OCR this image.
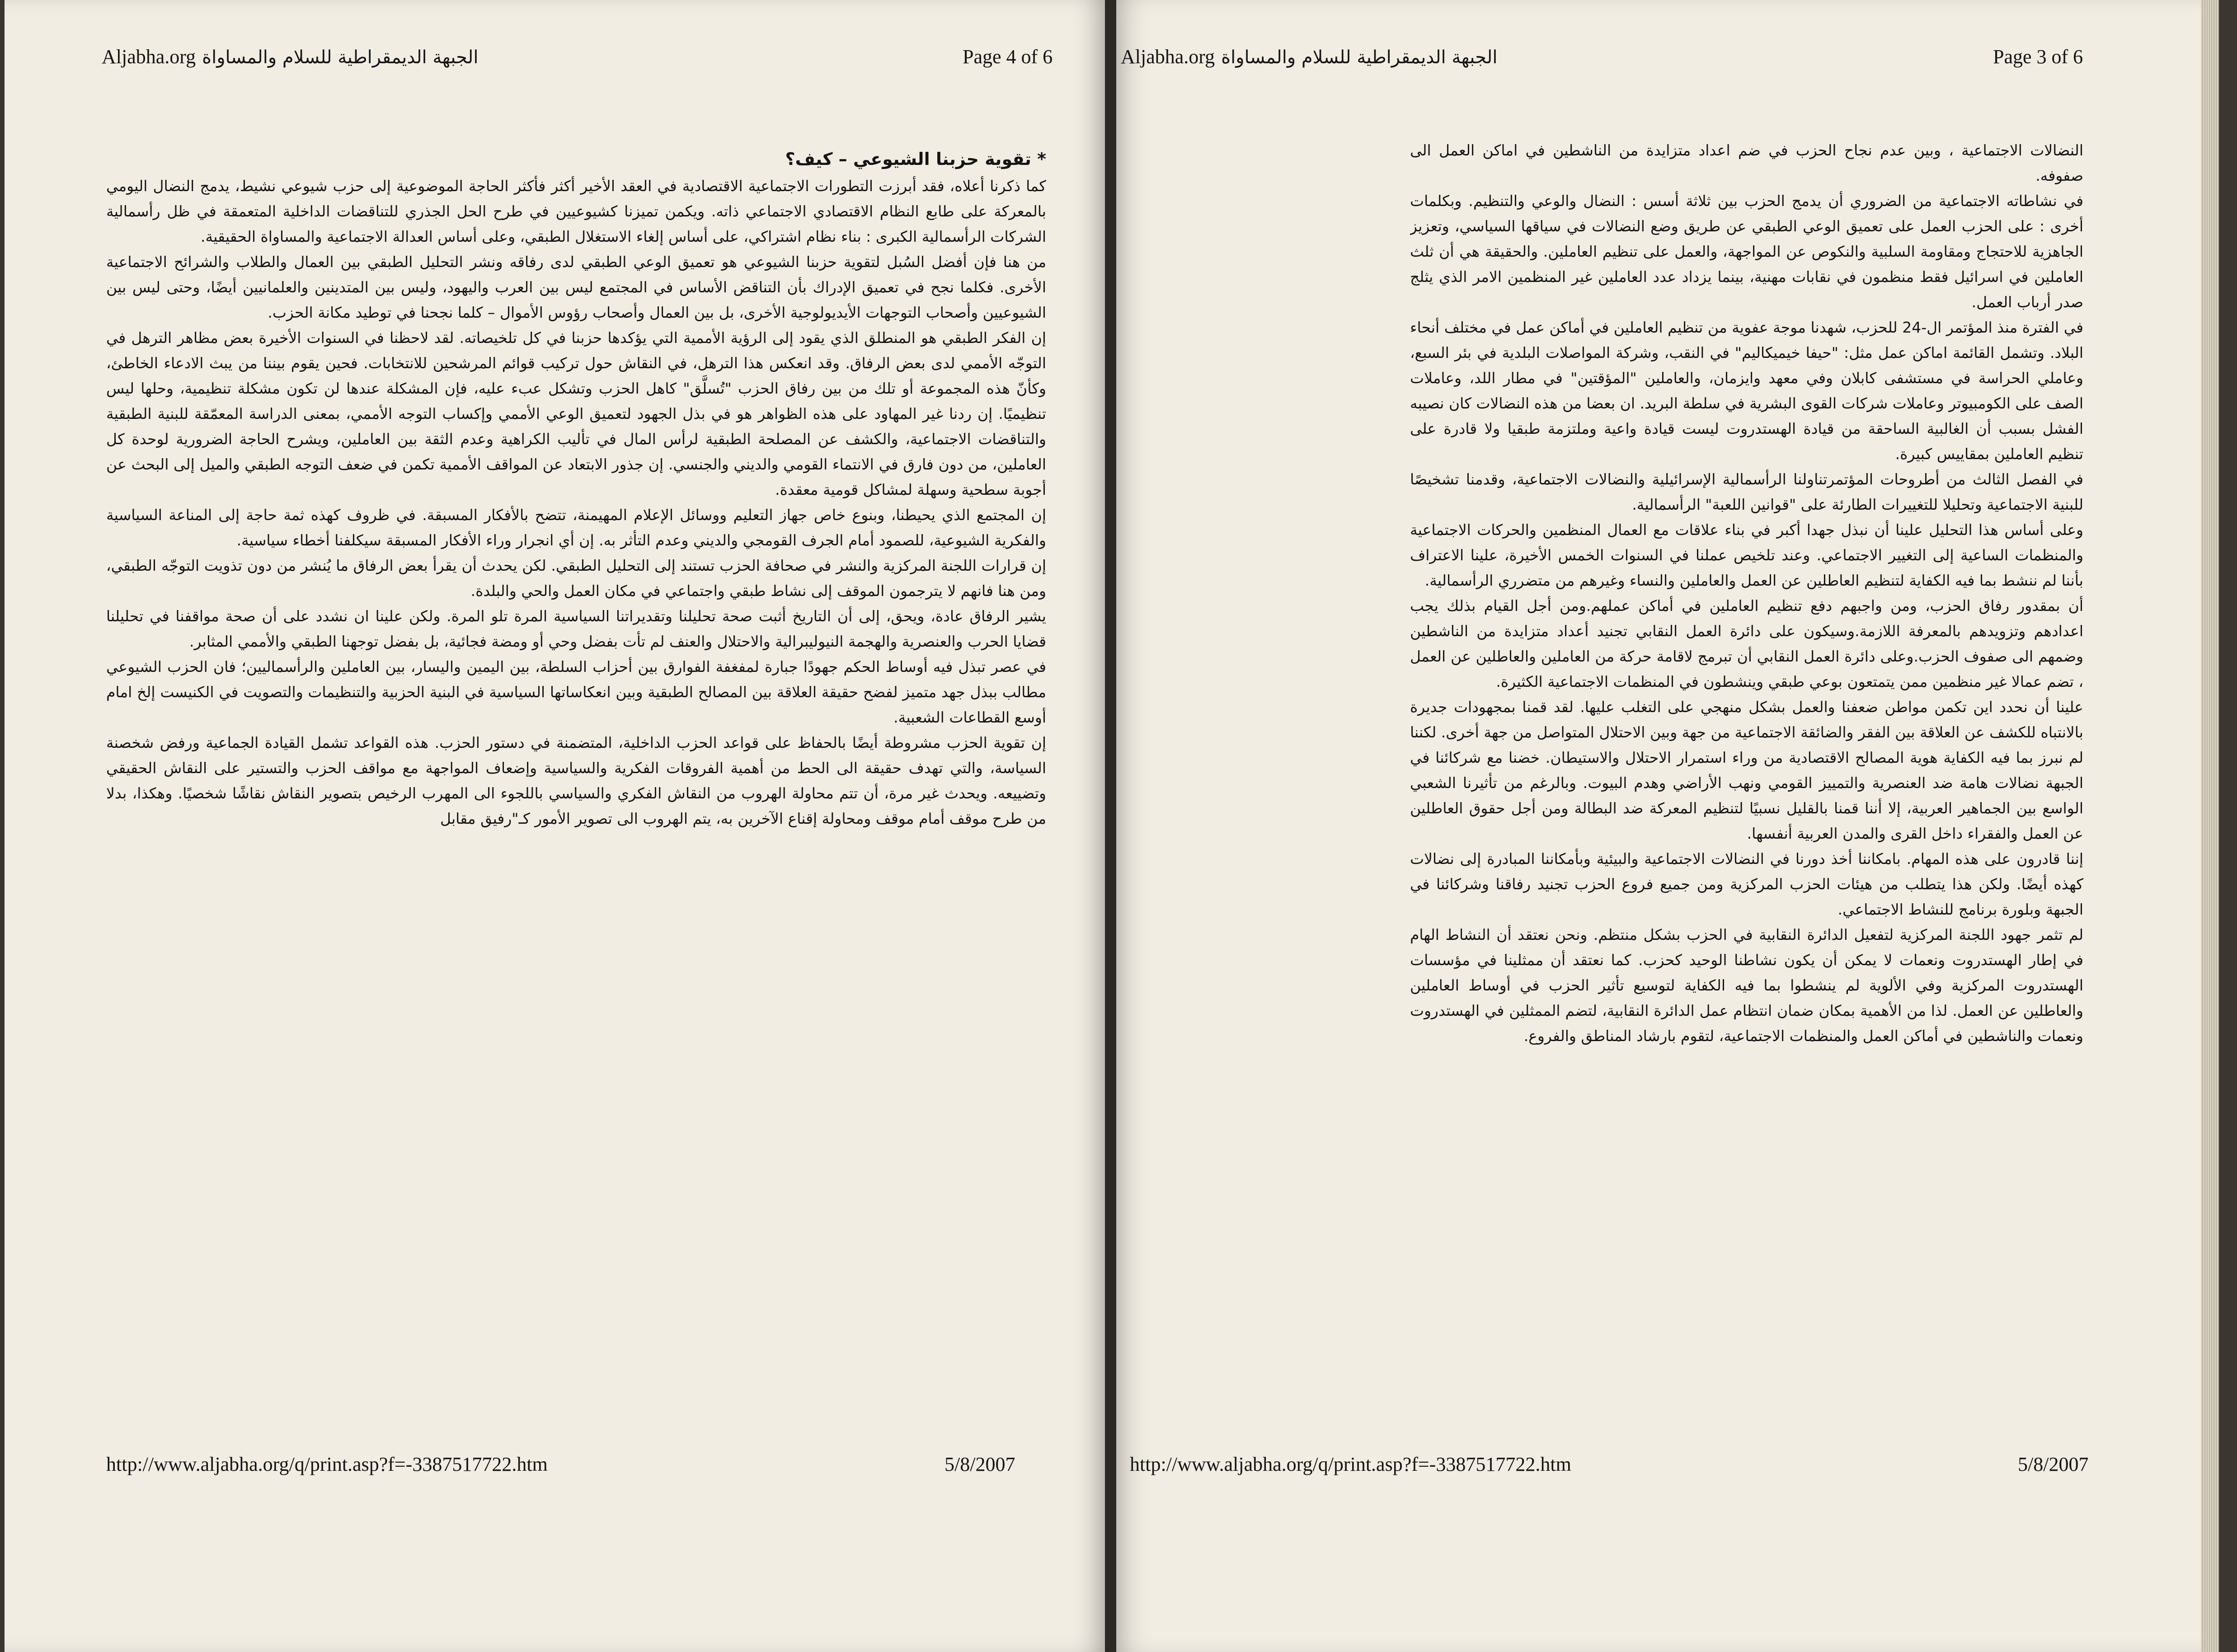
Aljabha.org الجبهة الديمقراطية للسلام والمساواة	Page 4 of 6

* تقوية حزبنا الشيوعي – كيف؟

كما ذكرنا أعلاه، فقد أبرزت التطورات الاجتماعية الاقتصادية في العقد الأخير أكثر فأكثر الحاجة الموضوعية إلى حزب شيوعي نشيط، يدمج النضال اليومي بالمعركة على طابع النظام الاقتصادي الاجتماعي ذاته. ويكمن تميزنا كشيوعيين في طرح الحل الجذري للتناقضات الداخلية المتعمقة في ظل رأسمالية الشركات الرأسمالية الكبرى : بناء نظام اشتراكي، على أساس إلغاء الاستغلال الطبقي، وعلى أساس العدالة الاجتماعية والمساواة الحقيقية.

من هنا فإن أفضل السُبل لتقوية حزبنا الشيوعي هو تعميق الوعي الطبقي لدى رفاقه ونشر التحليل الطبقي بين العمال والطلاب والشرائح الاجتماعية الأخرى. فكلما نجح في تعميق الإدراك بأن التناقض الأساس في المجتمع ليس بين العرب واليهود، وليس بين المتدينين والعلمانيين أيضًا، وحتى ليس بين الشيوعيين وأصحاب التوجهات الأيديولوجية الأخرى، بل بين العمال وأصحاب رؤوس الأموال – كلما نجحنا في توطيد مكانة الحزب.

إن الفكر الطبقي هو المنطلق الذي يقود إلى الرؤية الأممية التي يؤكدها حزبنا في كل تلخيصاته. لقد لاحظنا في السنوات الأخيرة بعض مظاهر الترهل في التوجّه الأممي لدى بعض الرفاق. وقد انعكس هذا الترهل، في النقاش حول تركيب قوائم المرشحين للانتخابات. فحين يقوم بيننا من يبث الادعاء الخاطئ، وكأنّ هذه المجموعة أو تلك من بين رفاق الحزب "تُسلَّق" كاهل الحزب وتشكل عبء عليه، فإن المشكلة عندها لن تكون مشكلة تنظيمية، وحلها ليس تنظيميًا. إن ردنا غير المهاود على هذه الظواهر هو في بذل الجهود لتعميق الوعي الأممي وإكساب التوجه الأممي، بمعنى الدراسة المعمّقة للبنية الطبقية والتناقضات الاجتماعية، والكشف عن المصلحة الطبقية لرأس المال في تأليب الكراهية وعدم الثقة بين العاملين، ويشرح الحاجة الضرورية لوحدة كل العاملين، من دون فارق في الانتماء القومي والديني والجنسي. إن جذور الابتعاد عن المواقف الأممية تكمن في ضعف التوجه الطبقي والميل إلى البحث عن أجوبة سطحية وسهلة لمشاكل قومية معقدة.

إن المجتمع الذي يحيطنا، وبنوع خاص جهاز التعليم ووسائل الإعلام المهيمنة، تتضح بالأفكار المسبقة. في ظروف كهذه ثمة حاجة إلى المناعة السياسية والفكرية الشيوعية، للصمود أمام الجرف القومجي والديني وعدم التأثر به. إن أي انجرار وراء الأفكار المسبقة سيكلفنا أخطاء سياسية.

إن قرارات اللجنة المركزية والنشر في صحافة الحزب تستند إلى التحليل الطبقي. لكن يحدث أن يقرأ بعض الرفاق ما يُنشر من دون تذويت التوجّه الطبقي، ومن هنا فانهم لا يترجمون الموقف إلى نشاط طبقي واجتماعي في مكان العمل والحي والبلدة.

يشير الرفاق عادة، ويحق، إلى أن التاريخ أثبت صحة تحليلنا وتقديراتنا السياسية المرة تلو المرة. ولكن علينا ان نشدد على أن صحة مواقفنا في تحليلنا قضايا الحرب والعنصرية والهجمة النيوليبرالية والاحتلال والعنف لم تأت بفضل وحي أو ومضة فجائية، بل بفضل توجهنا الطبقي والأممي المثابر.

في عصر تبذل فيه أوساط الحكم جهودًا جبارة لمفغفة الفوارق بين أحزاب السلطة، بين اليمين واليسار، بين العاملين والرأسماليين؛ فان الحزب الشيوعي مطالب ببذل جهد متميز لفضح حقيقة العلاقة بين المصالح الطبقية وبين انعكاساتها السياسية في البنية الحزبية والتنظيمات والتصويت في الكنيست إلخ امام أوسع القطاعات الشعبية.

إن تقوية الحزب مشروطة أيضًا بالحفاظ على قواعد الحزب الداخلية، المتضمنة في دستور الحزب. هذه القواعد تشمل القيادة الجماعية ورفض شخصنة السياسة، والتي تهدف حقيقة الى الحط من أهمية الفروقات الفكرية والسياسية وإضعاف المواجهة مع مواقف الحزب والتستير على النقاش الحقيقي وتضييعه. ويحدث غير مرة، أن تتم محاولة الهروب من النقاش الفكري والسياسي باللجوء الى المهرب الرخيص بتصوير النقاش نقاشًا شخصيًا. وهكذا، بدلا من طرح موقف أمام موقف ومحاولة إقناع الآخرين به، يتم الهروب الى تصوير الأمور كـ"رفيق مقابل

http://www.aljabha.org/q/print.asp?f=-3387517722.htm	5/8/2007
Aljabha.org الجبهة الديمقراطية للسلام والمساواة	Page 3 of 6

النضالات الاجتماعية ، وبين عدم نجاح الحزب في ضم اعداد متزايدة من الناشطين في اماكن العمل الى صفوفه.

في نشاطاته الاجتماعية من الضروري أن يدمج الحزب بين ثلاثة أسس : النضال والوعي والتنظيم. وبكلمات أخرى : على الحزب العمل على تعميق الوعي الطبقي عن طريق وضع النضالات في سياقها السياسي، وتعزيز الجاهزية للاحتجاج ومقاومة السلبية والنكوص عن المواجهة، والعمل على تنظيم العاملين. والحقيقة هي أن ثلث العاملين في اسرائيل فقط منظمون في نقابات مهنية، بينما يزداد عدد العاملين غير المنظمين الامر الذي يثلج صدر أرباب العمل.

في الفترة منذ المؤتمر ال-24 للحزب، شهدنا موجة عفوية من تنظيم العاملين في أماكن عمل في مختلف أنحاء البلاد. وتشمل القائمة اماكن عمل مثل: "حيفا خيميكاليم" في النقب، وشركة المواصلات البلدية في بئر السبع، وعاملي الحراسة في مستشفى كابلان وفي معهد وايزمان، والعاملين "المؤقتين" في مطار اللد، وعاملات الصف على الكومبيوتر وعاملات شركات القوى البشرية في سلطة البريد. ان بعضا من هذه النضالات كان نصيبه الفشل بسبب أن الغالبية الساحقة من قيادة الهستدروت ليست قيادة واعية وملتزمة طبقيا ولا قادرة على تنظيم العاملين بمقاييس كبيرة.

في الفصل الثالث من أطروحات المؤتمرتناولنا الرأسمالية الإسرائيلية والنضالات الاجتماعية، وقدمنا تشخيصًا للبنية الاجتماعية وتحليلا للتغييرات الطارئة على "قوانين اللعبة" الرأسمالية.

وعلى أساس هذا التحليل علينا أن نبذل جهدا أكبر في بناء علاقات مع العمال المنظمين والحركات الاجتماعية والمنظمات الساعية إلى التغيير الاجتماعي. وعند تلخيص عملنا في السنوات الخمس الأخيرة، علينا الاعتراف بأننا لم ننشط بما فيه الكفاية لتنظيم العاطلين عن العمل والعاملين والنساء وغيرهم من متضرري الرأسمالية.

أن بمقدور رفاق الحزب، ومن واجبهم دفع تنظيم العاملين في أماكن عملهم.ومن أجل القيام بذلك يجب اعدادهم وتزويدهم بالمعرفة اللازمة.وسيكون على دائرة العمل النقابي تجنيد أعداد متزايدة من الناشطين وضمهم الى صفوف الحزب.وعلى دائرة العمل النقابي أن تبرمج لاقامة حركة من العاملين والعاطلين عن العمل ، تضم عمالا غير منظمين ممن يتمتعون بوعي طبقي وينشطون في المنظمات الاجتماعية الكثيرة.

علينا أن نحدد اين تكمن مواطن ضعفنا والعمل بشكل منهجي على التغلب عليها. لقد قمنا بمجهودات جديرة بالانتباه للكشف عن العلاقة بين الفقر والضائقة الاجتماعية من جهة وبين الاحتلال المتواصل من جهة أخرى. لكننا لم نبرز بما فيه الكفاية هوية المصالح الاقتصادية من وراء استمرار الاحتلال والاستيطان. خضنا مع شركائنا في الجبهة نضالات هامة ضد العنصرية والتمييز القومي ونهب الأراضي وهدم البيوت. وبالرغم من تأثيرنا الشعبي الواسع بين الجماهير العربية، إلا أننا قمنا بالقليل نسبيًا لتنظيم المعركة ضد البطالة ومن أجل حقوق العاطلين عن العمل والفقراء داخل القرى والمدن العربية أنفسها.

إننا قادرون على هذه المهام. بامكاننا أخذ دورنا في النضالات الاجتماعية والبيئية وبأمكاننا المبادرة إلى نضالات كهذه أيضًا. ولكن هذا يتطلب من هيئات الحزب المركزية ومن جميع فروع الحزب تجنيد رفاقنا وشركائنا في الجبهة وبلورة برنامج للنشاط الاجتماعي.

لم تثمر جهود اللجنة المركزية لتفعيل الدائرة النقابية في الحزب بشكل منتظم. ونحن نعتقد أن النشاط الهام في إطار الهستدروت ونعمات لا يمكن أن يكون نشاطنا الوحيد كحزب. كما نعتقد أن ممثلينا في مؤسسات الهستدروت المركزية وفي الألوية لم ينشطوا بما فيه الكفاية لتوسيع تأثير الحزب في أوساط العاملين والعاطلين عن العمل. لذا من الأهمية بمكان ضمان انتظام عمل الدائرة النقابية، لتضم الممثلين في الهستدروت ونعمات والناشطين في أماكن العمل والمنظمات الاجتماعية، لتقوم بارشاد المناطق والفروع.

http://www.aljabha.org/q/print.asp?f=-3387517722.htm	5/8/2007
